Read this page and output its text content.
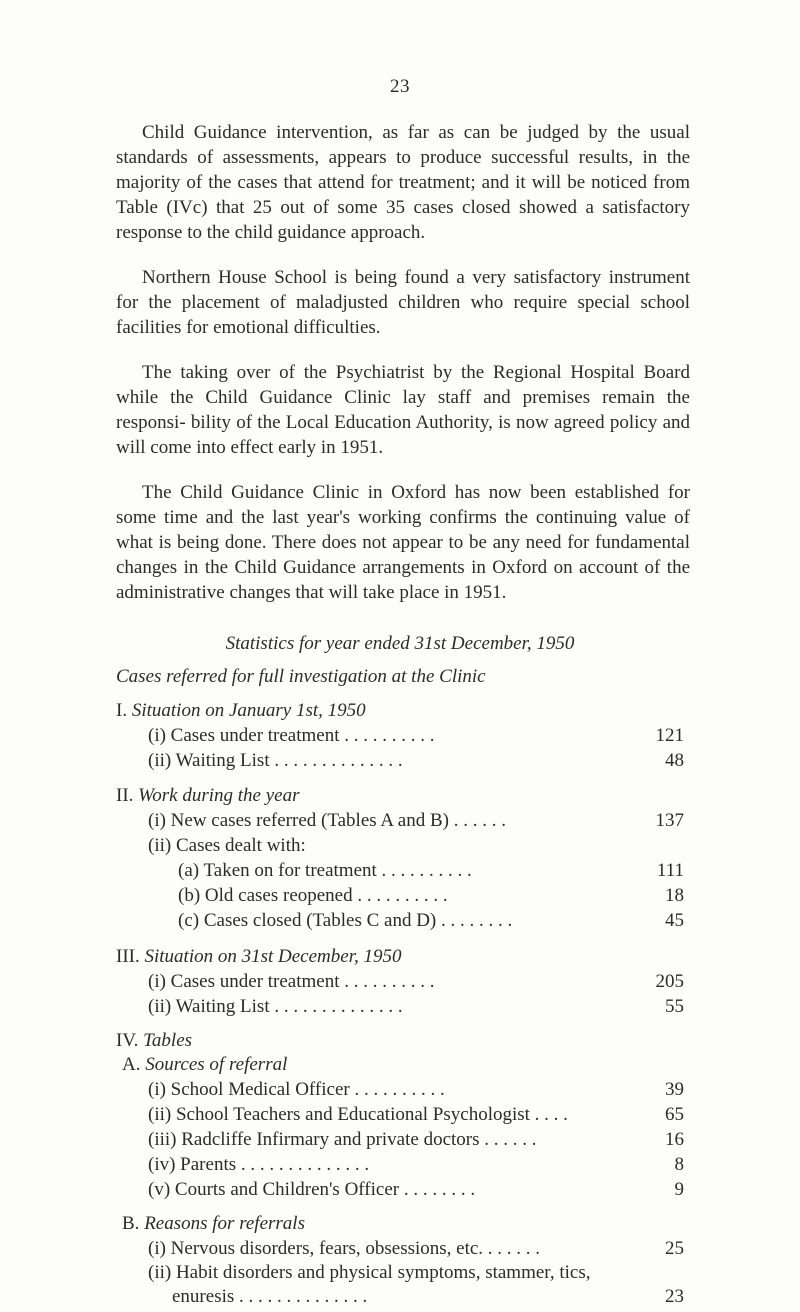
23

Child Guidance intervention, as far as can be judged by the usual standards of assessments, appears to produce successful results, in the majority of the cases that attend for treatment; and it will be noticed from Table (IVc) that 25 out of some 35 cases closed showed a satisfactory response to the child guidance approach.

Northern House School is being found a very satisfactory instrument for the placement of maladjusted children who require special school facilities for emotional difficulties.

The taking over of the Psychiatrist by the Regional Hospital Board while the Child Guidance Clinic lay staff and premises remain the responsi- bility of the Local Education Authority, is now agreed policy and will come into effect early in 1951.

The Child Guidance Clinic in Oxford has now been established for some time and the last year's working confirms the continuing value of what is being done. There does not appear to be any need for fundamental changes in the Child Guidance arrangements in Oxford on account of the administrative changes that will take place in 1951.

Statistics for year ended 31st December, 1950
Cases referred for full investigation at the Clinic
I. Situation on January 1st, 1950
(i) Cases under treatment . . . . . . . . . .	121
(ii) Waiting List . . . . . . . . . . . . . .	48
II. Work during the year
(i) New cases referred (Tables A and B) . . . . . .	137
(ii) Cases dealt with:
(a) Taken on for treatment . . . . . . . . . .	111
(b) Old cases reopened . . . . . . . . . .	18
(c) Cases closed (Tables C and D) . . . . . . . .	45
III. Situation on 31st December, 1950
(i) Cases under treatment . . . . . . . . . .	205
(ii) Waiting List . . . . . . . . . . . . . .	55
IV. Tables
A. Sources of referral
(i) School Medical Officer . . . . . . . . . .	39
(ii) School Teachers and Educational Psychologist . . . .	65
(iii) Radcliffe Infirmary and private doctors . . . . . .	16
(iv) Parents . . . . . . . . . . . . . .	8
(v) Courts and Children's Officer . . . . . . . .	9
B. Reasons for referrals
(i) Nervous disorders, fears, obsessions, etc. . . . . . .	25
(ii) Habit disorders and physical symptoms, stammer, tics,
enuresis . . . . . . . . . . . . . .	23
